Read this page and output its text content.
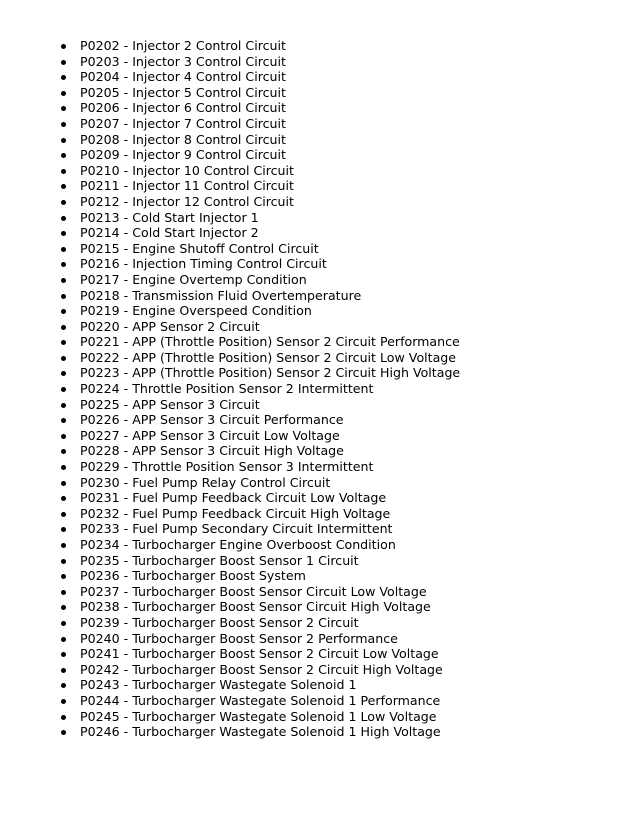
P0202 - Injector 2 Control Circuit
P0203 - Injector 3 Control Circuit
P0204 - Injector 4 Control Circuit
P0205 - Injector 5 Control Circuit
P0206 - Injector 6 Control Circuit
P0207 - Injector 7 Control Circuit
P0208 - Injector 8 Control Circuit
P0209 - Injector 9 Control Circuit
P0210 - Injector 10 Control Circuit
P0211 - Injector 11 Control Circuit
P0212 - Injector 12 Control Circuit
P0213 - Cold Start Injector 1
P0214 - Cold Start Injector 2
P0215 - Engine Shutoff Control Circuit
P0216 - Injection Timing Control Circuit
P0217 - Engine Overtemp Condition
P0218 - Transmission Fluid Overtemperature
P0219 - Engine Overspeed Condition
P0220 - APP Sensor 2 Circuit
P0221 - APP (Throttle Position) Sensor 2 Circuit Performance
P0222 - APP (Throttle Position) Sensor 2 Circuit Low Voltage
P0223 - APP (Throttle Position) Sensor 2 Circuit High Voltage
P0224 - Throttle Position Sensor 2 Intermittent
P0225 - APP Sensor 3 Circuit
P0226 - APP Sensor 3 Circuit Performance
P0227 - APP Sensor 3 Circuit Low Voltage
P0228 - APP Sensor 3 Circuit High Voltage
P0229 - Throttle Position Sensor 3 Intermittent
P0230 - Fuel Pump Relay Control Circuit
P0231 - Fuel Pump Feedback Circuit Low Voltage
P0232 - Fuel Pump Feedback Circuit High Voltage
P0233 - Fuel Pump Secondary Circuit Intermittent
P0234 - Turbocharger Engine Overboost Condition
P0235 - Turbocharger Boost Sensor 1 Circuit
P0236 - Turbocharger Boost System
P0237 - Turbocharger Boost Sensor Circuit Low Voltage
P0238 - Turbocharger Boost Sensor Circuit High Voltage
P0239 - Turbocharger Boost Sensor 2 Circuit
P0240 - Turbocharger Boost Sensor 2 Performance
P0241 - Turbocharger Boost Sensor 2 Circuit Low Voltage
P0242 - Turbocharger Boost Sensor 2 Circuit High Voltage
P0243 - Turbocharger Wastegate Solenoid 1
P0244 - Turbocharger Wastegate Solenoid 1 Performance
P0245 - Turbocharger Wastegate Solenoid 1 Low Voltage
P0246 - Turbocharger Wastegate Solenoid 1 High Voltage
